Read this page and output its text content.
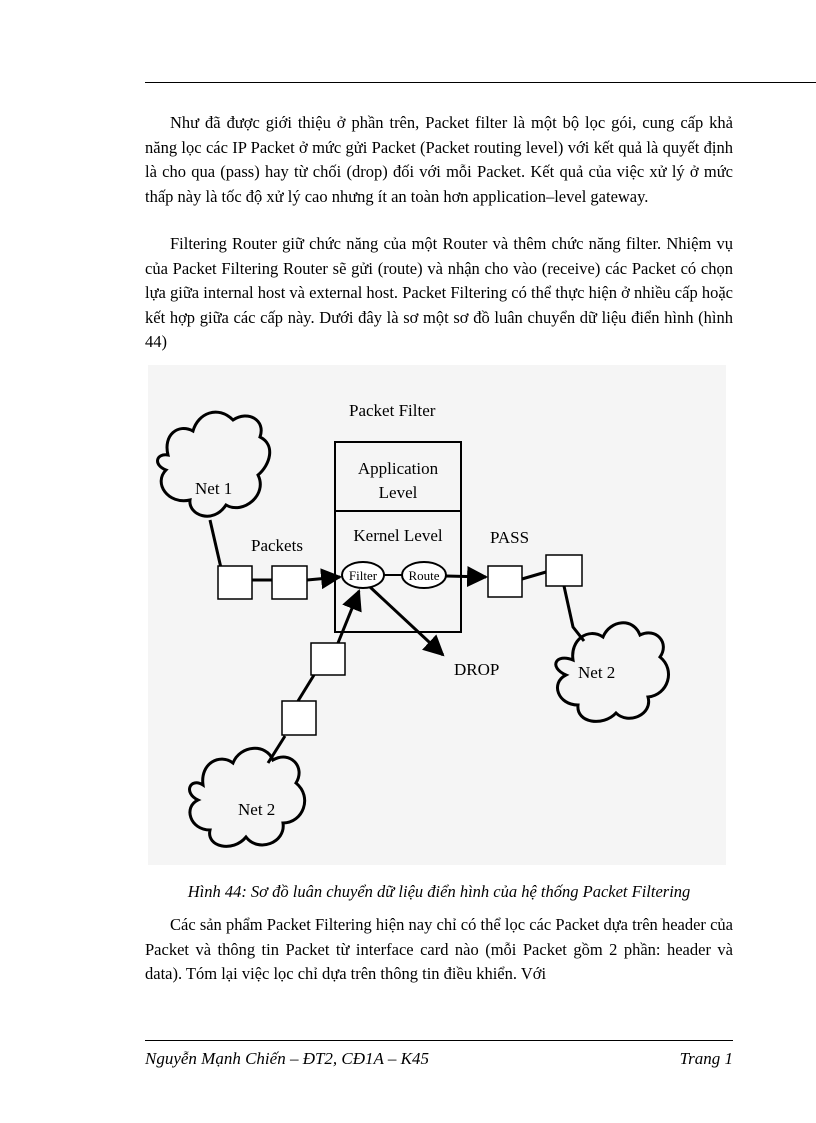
Như đã được giới thiệu ở phần trên, Packet filter là một bộ lọc gói, cung cấp khả năng lọc các IP Packet ở mức gửi Packet (Packet routing level) với kết quả là quyết định là cho qua (pass) hay từ chối (drop) đối với mỗi Packet. Kết quả của việc xử lý ở mức thấp này là tốc độ xử lý cao nhưng ít an toàn hơn application–level gateway.

Filtering Router giữ chức năng của một Router và thêm chức năng filter. Nhiệm vụ của Packet Filtering Router sẽ gửi (route) và nhận cho vào (receive) các Packet có chọn lựa giữa internal host và external host. Packet Filtering có thể thực hiện ở nhiều cấp hoặc kết hợp giữa các cấp này. Dưới đây là sơ một sơ đồ luân chuyển dữ liệu điển hình (hình 44)

Net 1
Net 2
Net 2
Packet Filter
Application
Level
Kernel Level
Filter Route
Packets	PASS
DROP
Hình 44: Sơ đồ luân chuyển dữ liệu điển hình của hệ thống Packet Filtering

Các sản phẩm Packet Filtering hiện nay chỉ có thể lọc các Packet dựa trên header của Packet và thông tin Packet từ interface card nào (mỗi Packet gồm 2 phần: header và data). Tóm lại việc lọc chỉ dựa trên thông tin điều khiển. Với

Nguyễn Mạnh Chiến – ĐT2, CĐ1A – K45	Trang 1
